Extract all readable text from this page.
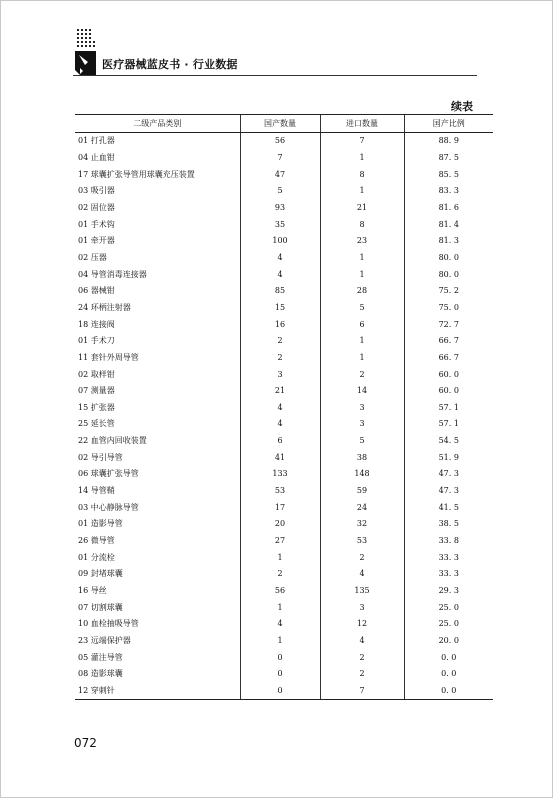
医疗器械蓝皮书 · 行业数据
续表
二级产品类别	国产数量	进口数量	国产比例
01 打孔器	56	7	88. 9
04 止血钳	7	1	87. 5
17 球囊扩张导管用球囊充压装置	47	8	85. 5
03 吸引器	5	1	83. 3
02 固位器	93	21	81. 6
01 手术钩	35	8	81. 4
01 牵开器	100	23	81. 3
02 压器	4	1	80. 0
04 导管消毒连接器	4	1	80. 0
06 器械钳	85	28	75. 2
24 环柄注射器	15	5	75. 0
18 连接阀	16	6	72. 7
01 手术刀	2	1	66. 7
11 套针外周导管	2	1	66. 7
02 取样钳	3	2	60. 0
07 测量器	21	14	60. 0
15 扩张器	4	3	57. 1
25 延长管	4	3	57. 1
22 血管内回收装置	6	5	54. 5
02 导引导管	41	38	51. 9
06 球囊扩张导管	133	148	47. 3
14 导管鞘	53	59	47. 3
03 中心静脉导管	17	24	41. 5
01 造影导管	20	32	38. 5
26 微导管	27	53	33. 8
01 分流栓	1	2	33. 3
09 封堵球囊	2	4	33. 3
16 导丝	56	135	29. 3
07 切割球囊	1	3	25. 0
10 血栓抽吸导管	4	12	25. 0
23 远端保护器	1	4	20. 0
05 灌注导管	0	2	0. 0
08 造影球囊	0	2	0. 0
12 穿刺针	0	7	0. 0
072
